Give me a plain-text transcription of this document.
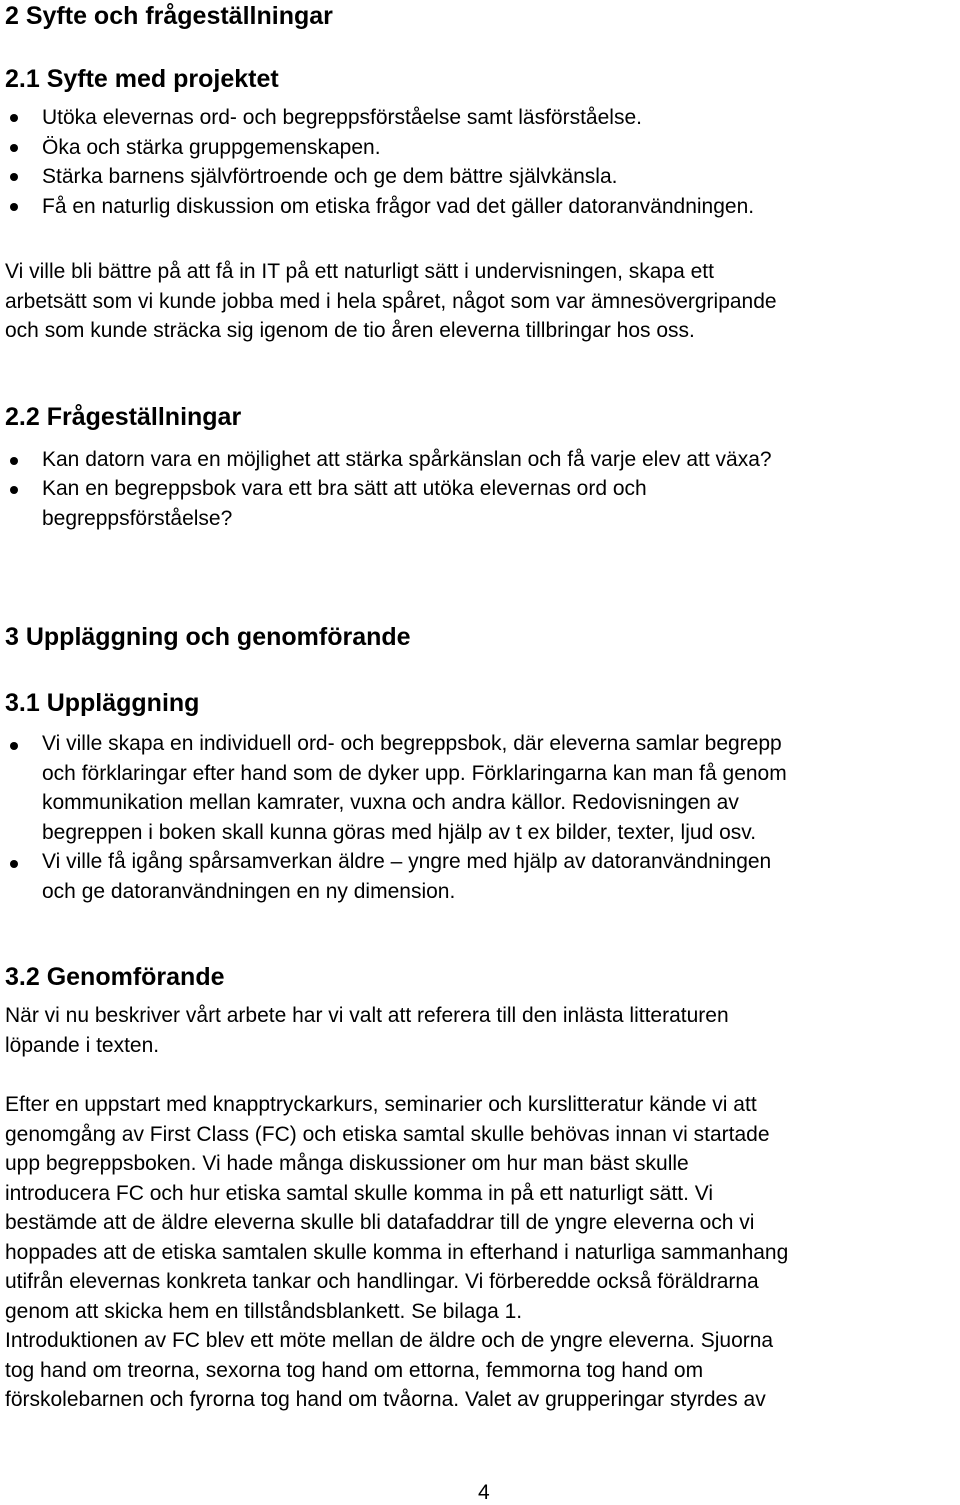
2 Syfte och frågeställningar
2.1 Syfte med projektet
Utöka elevernas ord- och begreppsförståelse samt läsförståelse.
Öka och stärka gruppgemenskapen.
Stärka barnens självförtroende och ge dem bättre självkänsla.
Få en naturlig diskussion om etiska frågor vad det gäller datoranvändningen.
Vi ville bli bättre på att få in IT på ett naturligt sätt i undervisningen, skapa ett
arbetsätt som vi kunde jobba med i hela spåret, något som var ämnesövergripande
och som kunde sträcka sig igenom de tio åren eleverna tillbringar hos oss.
2.2 Frågeställningar
Kan datorn vara en möjlighet att stärka spårkänslan och få varje elev att växa?
Kan en begreppsbok vara ett bra sätt att utöka elevernas ord och
begreppsförståelse?
3 Uppläggning och genomförande
3.1 Uppläggning
Vi ville skapa en individuell ord- och begreppsbok, där eleverna samlar begrepp
och förklaringar efter hand som de dyker upp. Förklaringarna kan man få genom
kommunikation mellan kamrater, vuxna och andra källor. Redovisningen av
begreppen i boken skall kunna göras med hjälp av t ex bilder, texter, ljud osv.
Vi ville få igång spårsamverkan äldre – yngre med hjälp av datoranvändningen
och ge datoranvändningen en ny dimension.
3.2 Genomförande
När vi nu beskriver vårt arbete har vi valt att referera till den inlästa litteraturen
löpande i texten.
Efter en uppstart med knapptryckarkurs, seminarier och kurslitteratur kände vi att
genomgång av First Class (FC) och etiska samtal skulle behövas innan vi startade
upp begreppsboken. Vi hade många diskussioner om hur man bäst skulle
introducera FC och hur etiska samtal skulle komma in på ett naturligt sätt. Vi
bestämde att de äldre eleverna skulle bli datafaddrar till de yngre eleverna och vi
hoppades att de etiska samtalen skulle komma in efterhand i naturliga sammanhang
utifrån elevernas konkreta tankar och handlingar. Vi förberedde också föräldrarna
genom att skicka hem en tillståndsblankett. Se bilaga 1.
Introduktionen av FC blev ett möte mellan de äldre och de yngre eleverna. Sjuorna
tog hand om treorna, sexorna tog hand om ettorna, femmorna tog hand om
förskolebarnen och fyrorna tog hand om tvåorna. Valet av grupperingar styrdes av
4
